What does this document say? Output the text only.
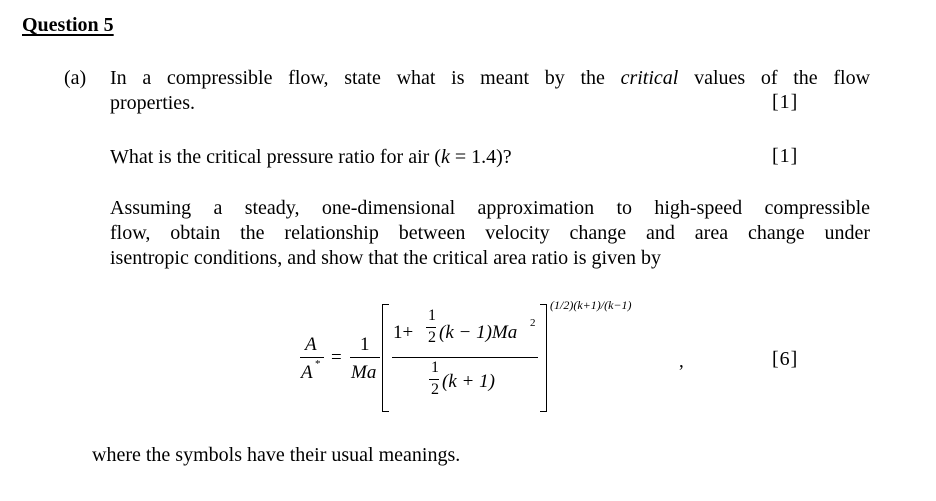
Question 5
(a) In a compressible flow, state what is meant by the critical values of the flow
properties.	[1]
What is the critical pressure ratio for air (k = 1.4)?	[1]
Assuming a steady, one-dimensional approximation to high-speed compressible
flow, obtain the relationship between velocity change and area change under
isentropic conditions, and show that the critical area ratio is given by
A
A * =
1
Ma
1+
1
2 (k − 1)Ma 2
1
2 (k + 1)
(1/2)(k+1)/(k−1)
,	[6]
where the symbols have their usual meanings.
